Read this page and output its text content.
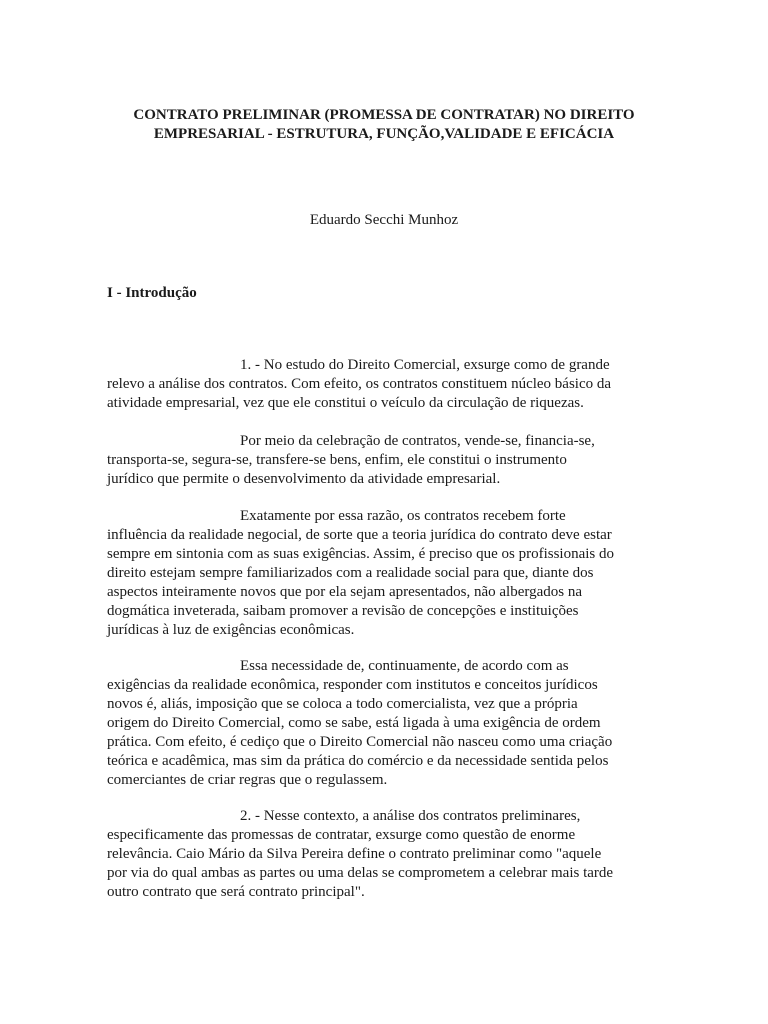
CONTRATO PRELIMINAR (PROMESSA DE CONTRATAR) NO DIREITO
EMPRESARIAL - ESTRUTURA, FUNÇÃO,VALIDADE E EFICÁCIA
Eduardo Secchi Munhoz
I - Introdução
1. - No estudo do Direito Comercial, exsurge como de grande
relevo a análise dos contratos. Com efeito, os contratos constituem núcleo básico da
atividade empresarial, vez que ele constitui o veículo da circulação de riquezas.
Por meio da celebração de contratos, vende-se, financia-se,
transporta-se, segura-se, transfere-se bens, enfim, ele constitui o instrumento
jurídico que permite o desenvolvimento da atividade empresarial.
Exatamente por essa razão, os contratos recebem forte
influência da realidade negocial, de sorte que a teoria jurídica do contrato deve estar
sempre em sintonia com as suas exigências. Assim, é preciso que os profissionais do
direito estejam sempre familiarizados com a realidade social para que, diante dos
aspectos inteiramente novos que por ela sejam apresentados, não albergados na
dogmática inveterada, saibam promover a revisão de concepções e instituições
jurídicas à luz de exigências econômicas.
Essa necessidade de, continuamente, de acordo com as
exigências da realidade econômica, responder com institutos e conceitos jurídicos
novos é, aliás, imposição que se coloca a todo comercialista, vez que a própria
origem do Direito Comercial, como se sabe, está ligada à uma exigência de ordem
prática. Com efeito, é cediço que o Direito Comercial não nasceu como uma criação
teórica e acadêmica, mas sim da prática do comércio e da necessidade sentida pelos
comerciantes de criar regras que o regulassem.
2. - Nesse contexto, a análise dos contratos preliminares,
especificamente das promessas de contratar, exsurge como questão de enorme
relevância. Caio Mário da Silva Pereira define o contrato preliminar como "aquele
por via do qual ambas as partes ou uma delas se comprometem a celebrar mais tarde
outro contrato que será contrato principal".
